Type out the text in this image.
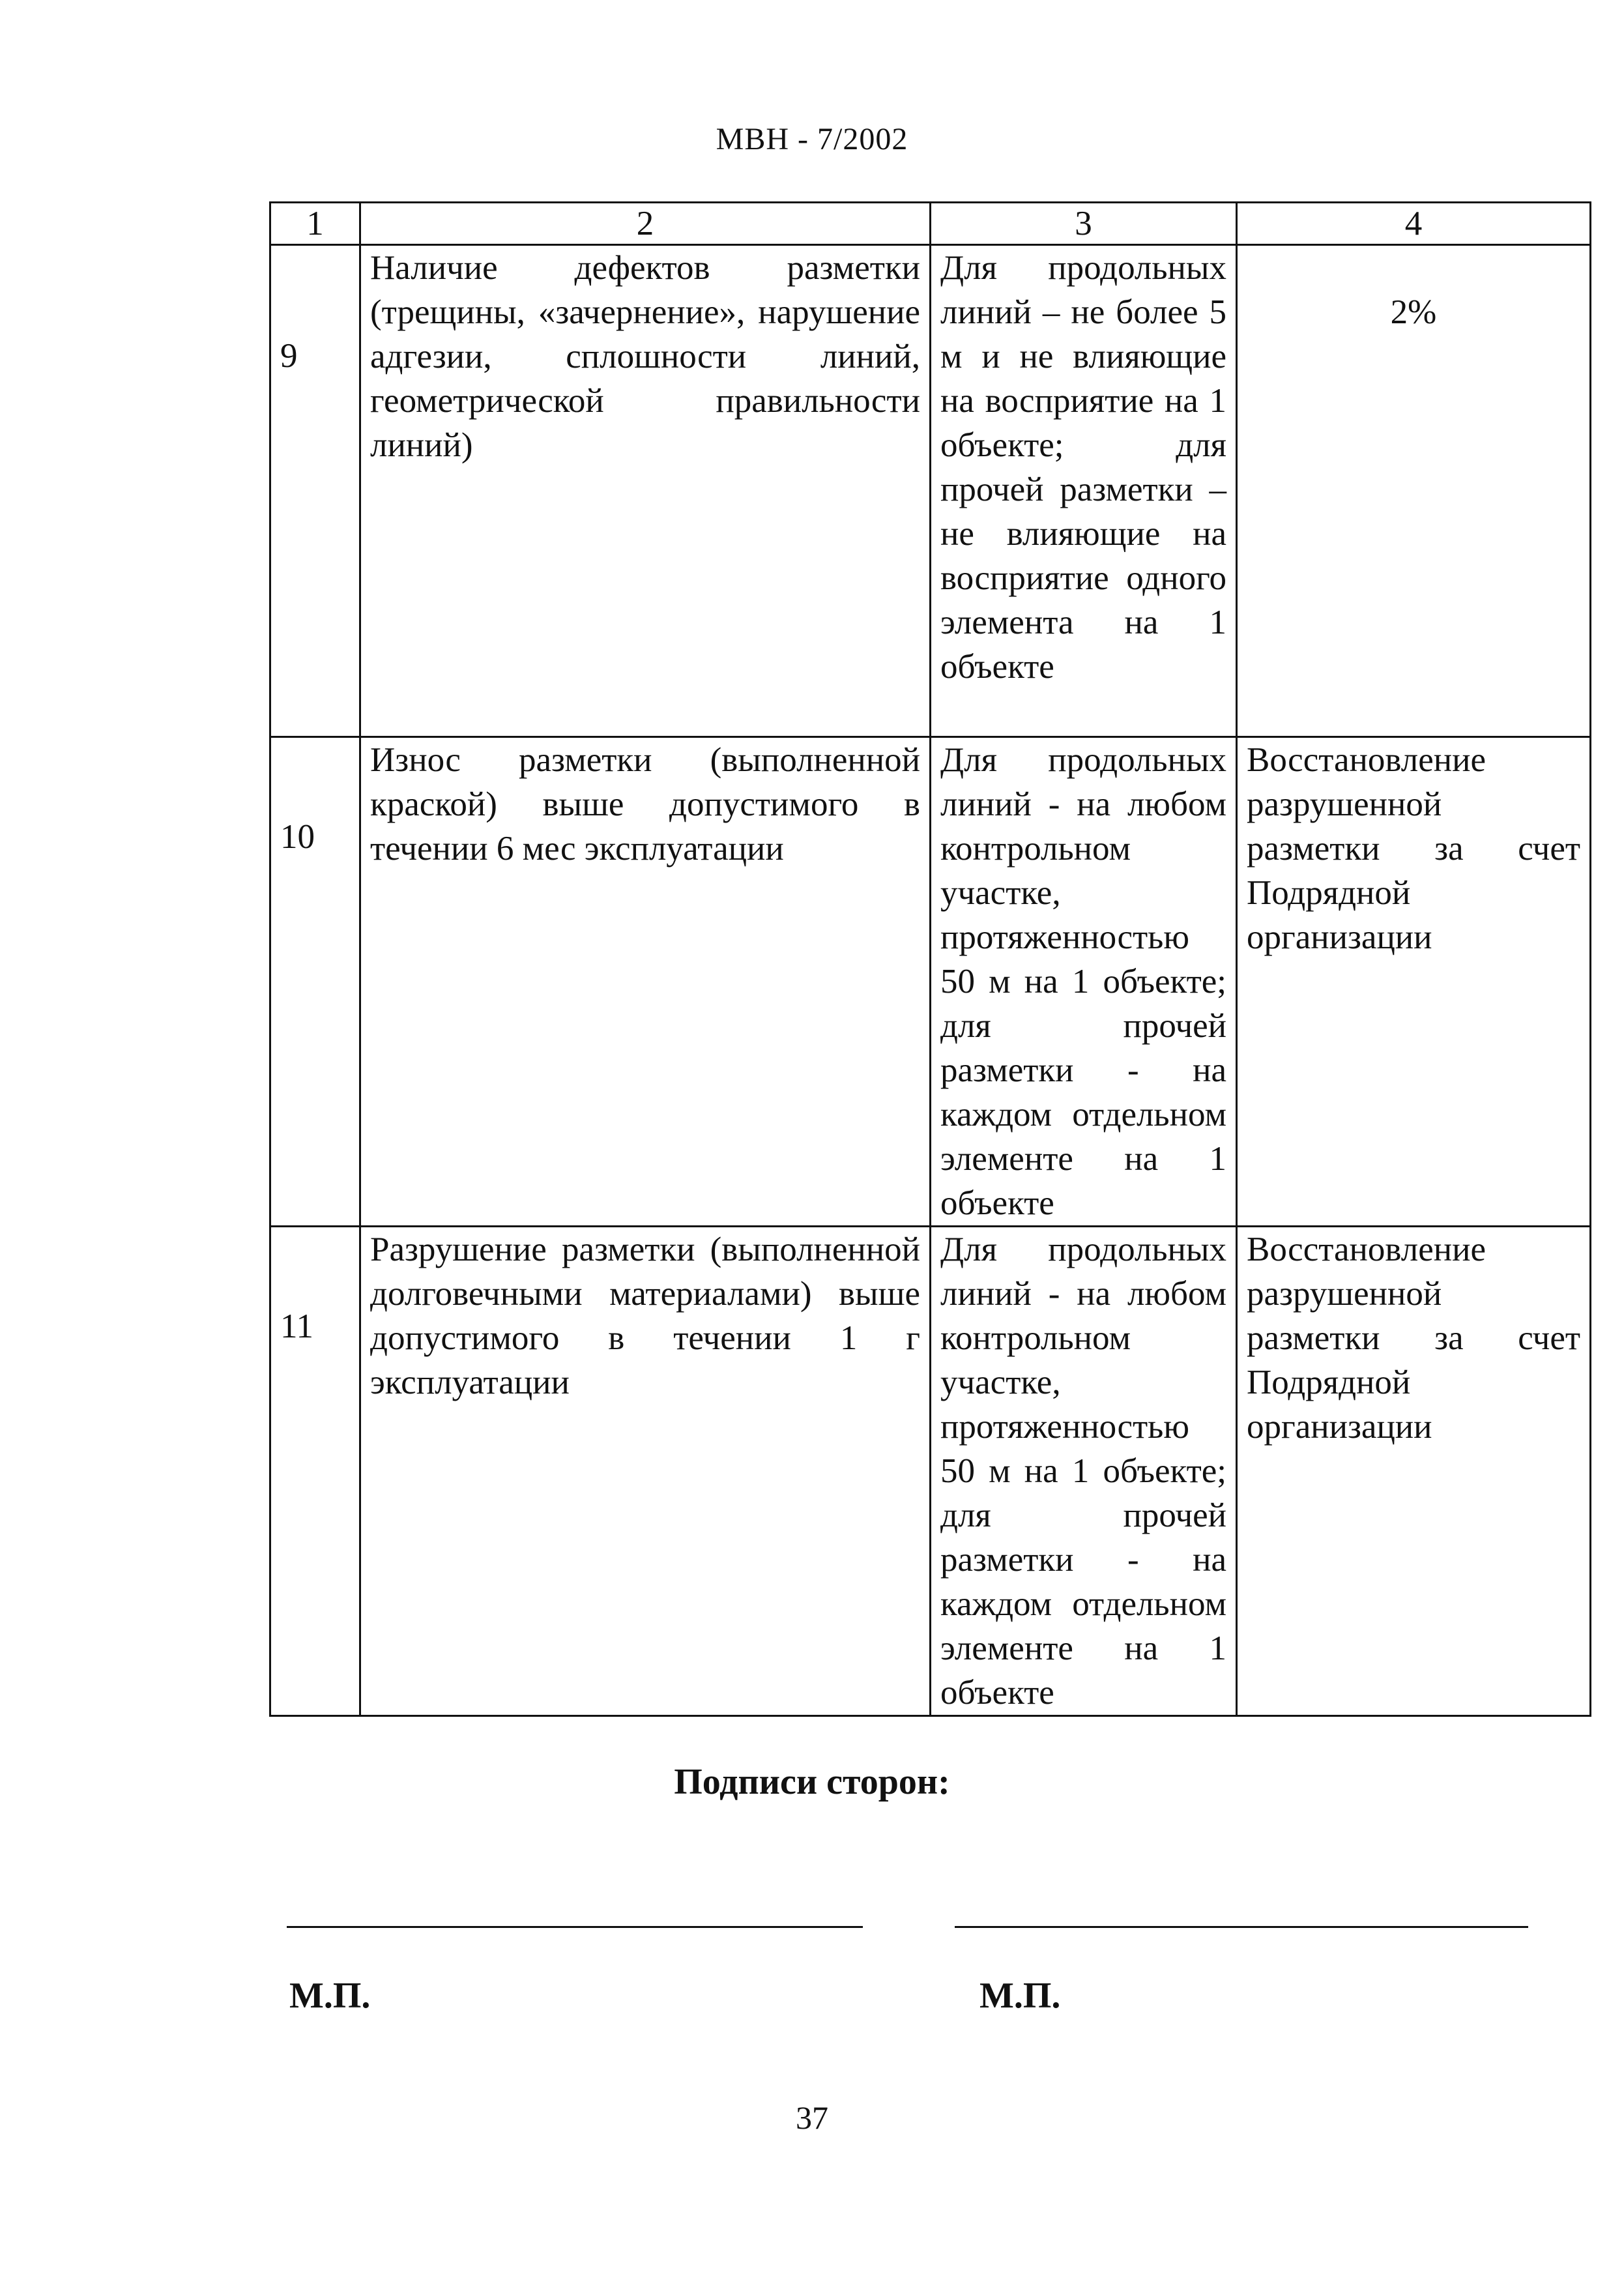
МВН - 7/2002
1	2	3	4

9	Наличие дефектов разметки (трещины, «зачернение», нарушение адгезии, сплошности линий, геометрической правильности линий)	Для продольных линий – не более 5 м и не влияющие на восприятие на 1 объекте; для прочей разметки – не влияющие на восприятие одного элемента на 1 объекте	2%

10	Износ разметки (выполненной краской) выше допустимого в течении 6 мес эксплуатации	Для продольных линий - на любом контрольном участке, протяженностью 50 м на 1 объекте; для прочей разметки - на каждом отдельном элементе на 1 объекте	Восстановление разрушенной разметки за счет Подрядной организации

11	Разрушение разметки (выполненной долговечными материалами) выше допустимого в течении 1 г эксплуатации	Для продольных линий - на любом контрольном участке, протяженностью 50 м на 1 объекте; для прочей разметки - на каждом отдельном элементе на 1 объекте	Восстановление разрушенной разметки за счет Подрядной организации
Подписи сторон:
М.П.	М.П.
37
